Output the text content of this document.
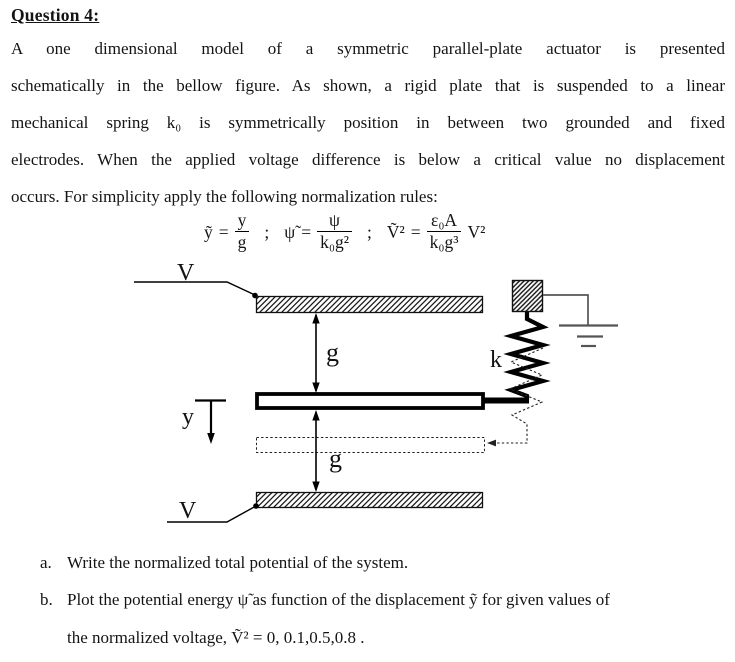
Question 4:
A one dimensional model of a symmetric parallel-plate actuator is presented
schematically in the bellow figure. As shown, a rigid plate that is suspended to a linear
mechanical spring k₀ is symmetrically position in between two grounded and fixed
electrodes. When the applied voltage difference is below a critical value no displacement
occurs. For simplicity apply the following normalization rules:
ỹ = $\frac{y}{g}$ ; ψ̃ = $\frac{\psi}{\text{k₀g²}}$ ; Ṽ² = $\frac{\text{ε₀A}}{\text{k₀g³}} V^2$
V
g	k
g
y
V
a. Write the normalized total potential of the system.
b. Plot the potential energy ψ̃ as function of the displacement ỹ for given values of
the normalized voltage, Ṽ² = 0, 0.1,0.5,0.8 .
